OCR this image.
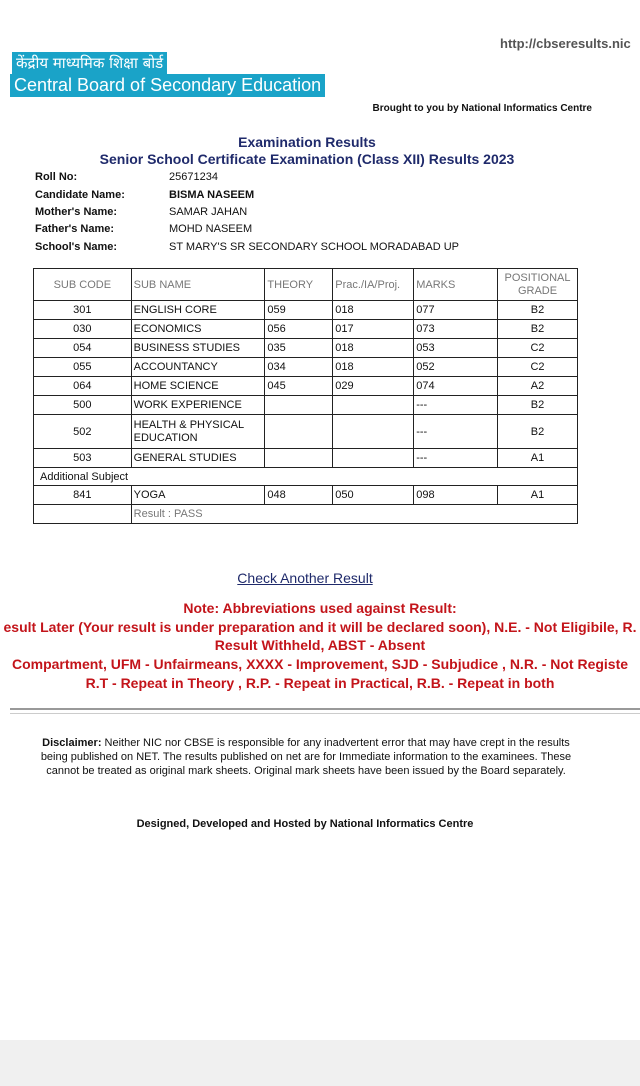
http://cbseresults.nic
केंद्रीय माध्यमिक शिक्षा बोर्ड
Central Board of Secondary Education
Brought to you by National Informatics Centre
Examination Results
Senior School Certificate Examination (Class XII) Results 2023
Roll No:	25671234
Candidate Name:	BISMA NASEEM
Mother's Name:	SAMAR JAHAN
Father's Name:	MOHD NASEEM
School's Name:	ST MARY'S SR SECONDARY SCHOOL MORADABAD UP
SUB CODE	SUB NAME	THEORY	Prac./IA/Proj.	MARKS	POSITIONAL
GRADE
301	ENGLISH CORE	059	018	077	B2
030	ECONOMICS	056	017	073	B2
054	BUSINESS STUDIES	035	018	053	C2
055	ACCOUNTANCY	034	018	052	C2
064	HOME SCIENCE	045	029	074	A2
500	WORK EXPERIENCE			---	B2
502	HEALTH & PHYSICAL EDUCATION			---	B2
503	GENERAL STUDIES			---	A1
Additional Subject					
841	YOGA	048	050	098	A1
	Result : PASS				
Check Another Result
Note: Abbreviations used against Result:
esult Later (Your result is under preparation and it will be declared soon), N.E. - Not Eligibile, R.
Result Withheld, ABST - Absent
Compartment, UFM - Unfairmeans, XXXX - Improvement, SJD - Subjudice , N.R. - Not Registe
R.T - Repeat in Theory , R.P. - Repeat in Practical, R.B. - Repeat in both
Disclaimer: Neither NIC nor CBSE is responsible for any inadvertent error that may have crept in the results being published on NET. The results published on net are for Immediate information to the examinees. These cannot be treated as original mark sheets. Original mark sheets have been issued by the Board separately.
Designed, Developed and Hosted by National Informatics Centre
